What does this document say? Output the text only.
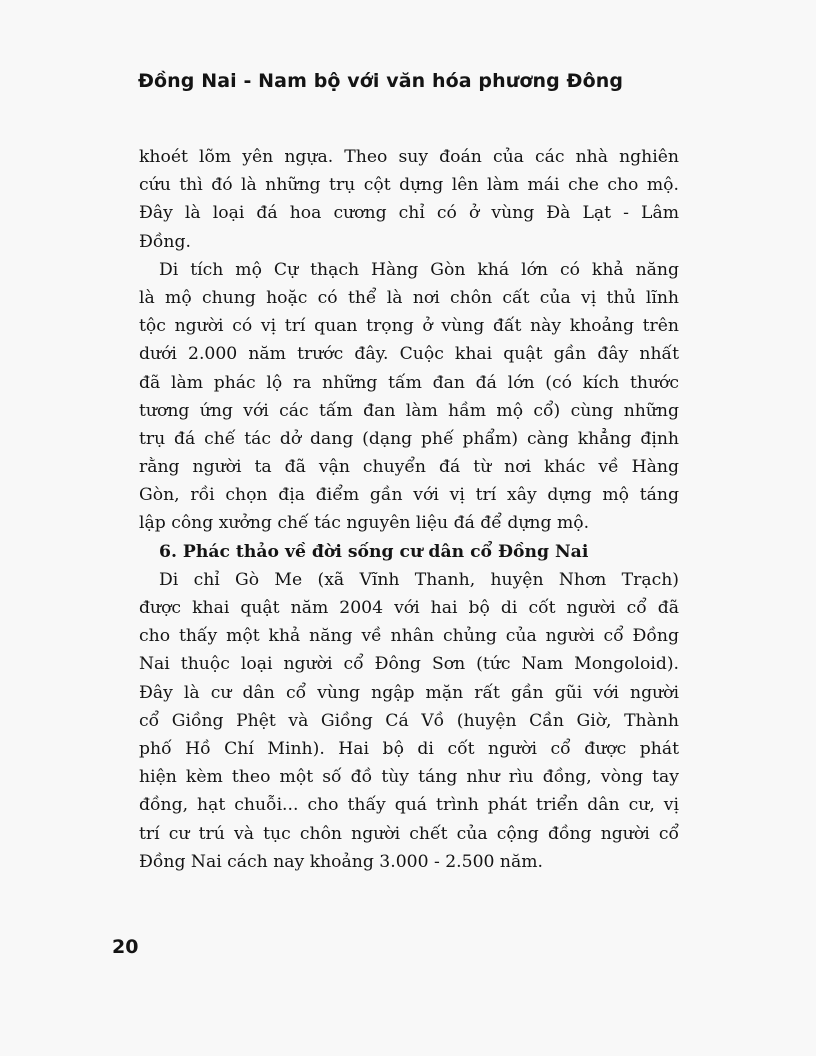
Đồng Nai - Nam bộ với văn hóa phương Đông
khoét lõm yên ngựa. Theo suy đoán của các nhà nghiên
cứu thì đó là những trụ cột dựng lên làm mái che cho mộ.
Đây là loại đá hoa cương chỉ có ở vùng Đà Lạt - Lâm
Đồng.
Di tích mộ Cự thạch Hàng Gòn khá lớn có khả năng
là mộ chung hoặc có thể là nơi chôn cất của vị thủ lĩnh
tộc người có vị trí quan trọng ở vùng đất này khoảng trên
dưới 2.000 năm trước đây. Cuộc khai quật gần đây nhất
đã làm phác lộ ra những tấm đan đá lớn (có kích thước
tương ứng với các tấm đan làm hầm mộ cổ) cùng những
trụ đá chế tác dở dang (dạng phế phẩm) càng khẳng định
rằng người ta đã vận chuyển đá từ nơi khác về Hàng
Gòn, rồi chọn địa điểm gần với vị trí xây dựng mộ táng
lập công xưởng chế tác nguyên liệu đá để dựng mộ.
6. Phác thảo về đời sống cư dân cổ Đồng Nai
Di chỉ Gò Me (xã Vĩnh Thanh, huyện Nhơn Trạch)
được khai quật năm 2004 với hai bộ di cốt người cổ đã
cho thấy một khả năng về nhân chủng của người cổ Đồng
Nai thuộc loại người cổ Đông Sơn (tức Nam Mongoloid).
Đây là cư dân cổ vùng ngập mặn rất gần gũi với người
cổ Giồng Phệt và Giồng Cá Vồ (huyện Cần Giờ, Thành
phố Hồ Chí Minh). Hai bộ di cốt người cổ được phát
hiện kèm theo một số đồ tùy táng như rìu đồng, vòng tay
đồng, hạt chuỗi... cho thấy quá trình phát triển dân cư, vị
trí cư trú và tục chôn người chết của cộng đồng người cổ
Đồng Nai cách nay khoảng 3.000 - 2.500 năm.
20
